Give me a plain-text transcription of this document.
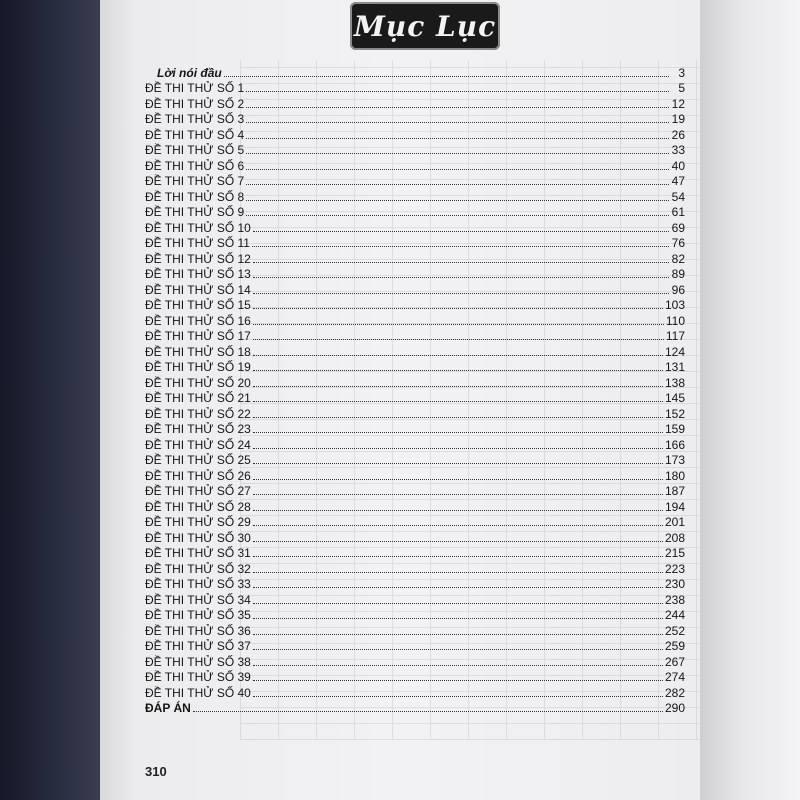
Mục Lục
Lời nói đầu	3
ĐỀ THI THỬ SỐ 1	5
ĐỀ THI THỬ SỐ 2	12
ĐỀ THI THỬ SỐ 3	19
ĐỀ THI THỬ SỐ 4	26
ĐỀ THI THỬ SỐ 5	33
ĐỀ THI THỬ SỐ 6	40
ĐỀ THI THỬ SỐ 7	47
ĐỀ THI THỬ SỐ 8	54
ĐỀ THI THỬ SỐ 9	61
ĐỀ THI THỬ SỐ 10	69
ĐỀ THI THỬ SỐ 11	76
ĐỀ THI THỬ SỐ 12	82
ĐỀ THI THỬ SỐ 13	89
ĐỀ THI THỬ SỐ 14	96
ĐỀ THI THỬ SỐ 15	103
ĐỀ THI THỬ SỐ 16	110
ĐỀ THI THỬ SỐ 17	117
ĐỀ THI THỬ SỐ 18	124
ĐỀ THI THỬ SỐ 19	131
ĐỀ THI THỬ SỐ 20	138
ĐỀ THI THỬ SỐ 21	145
ĐỀ THI THỬ SỐ 22	152
ĐỀ THI THỬ SỐ 23	159
ĐỀ THI THỬ SỐ 24	166
ĐỀ THI THỬ SỐ 25	173
ĐỀ THI THỬ SỐ 26	180
ĐỀ THI THỬ SỐ 27	187
ĐỀ THI THỬ SỐ 28	194
ĐỀ THI THỬ SỐ 29	201
ĐỀ THI THỬ SỐ 30	208
ĐỀ THI THỬ SỐ 31	215
ĐỀ THI THỬ SỐ 32	223
ĐỀ THI THỬ SỐ 33	230
ĐỀ THI THỬ SỐ 34	238
ĐỀ THI THỬ SỐ 35	244
ĐỀ THI THỬ SỐ 36	252
ĐỀ THI THỬ SỐ 37	259
ĐỀ THI THỬ SỐ 38	267
ĐỀ THI THỬ SỐ 39	274
ĐỀ THI THỬ SỐ 40	282
ĐÁP ÁN	290
310
